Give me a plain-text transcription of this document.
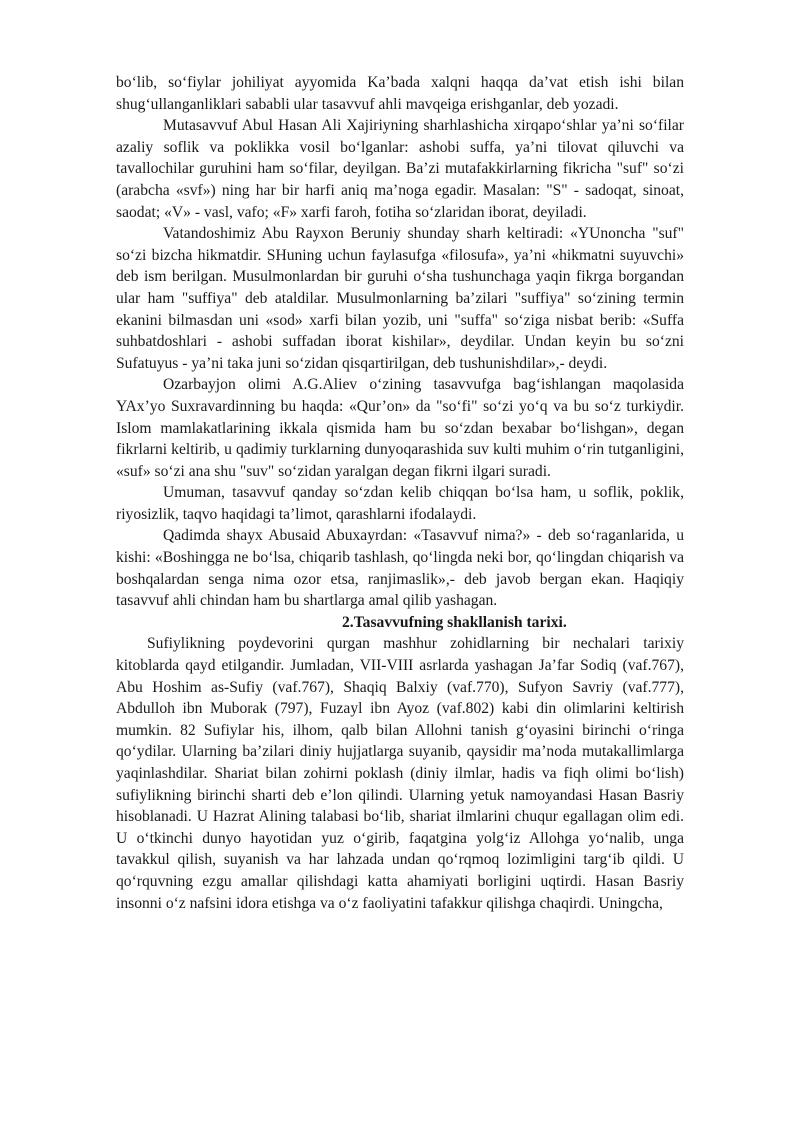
bo‘lib, so‘fiylar johiliyat ayyomida Ka’bada xalqni haqqa da’vat etish ishi bilan shug‘ullanganliklari sababli ular tasavvuf ahli mavqeiga erishganlar, deb yozadi.

Mutasavvuf Abul Hasan Ali Xajiriyning sharhlashicha xirqapo‘shlar ya’ni so‘filar azaliy soflik va poklikka vosil bo‘lganlar: ashobi suffa, ya’ni tilovat qiluvchi va tavallochilar guruhini ham so‘filar, deyilgan. Ba’zi mutafakkirlarning fikricha "suf" so‘zi (arabcha «svf») ning har bir harfi aniq ma’noga egadir. Masalan: "S" - sadoqat, sinoat, saodat; «V» - vasl, vafo; «F» xarfi faroh, fotiha so‘zlaridan iborat, deyiladi.

Vatandoshimiz Abu Rayxon Beruniy shunday sharh keltiradi: «YUnoncha "suf" so‘zi bizcha hikmatdir. SHuning uchun faylasufga «filosufa», ya’ni «hikmatni suyuvchi» deb ism berilgan. Musulmonlardan bir guruhi o‘sha tushunchaga yaqin fikrga borgandan ular ham "suffiya" deb ataldilar. Musulmonlarning ba’zilari "suffiya" so‘zining termin ekanini bilmasdan uni «sod» xarfi bilan yozib, uni "suffa" so‘ziga nisbat berib: «Suffa suhbatdoshlari - ashobi suffadan iborat kishilar», deydilar. Undan keyin bu so‘zni Sufatuyus - ya’ni taka juni so‘zidan qisqartirilgan, deb tushunishdilar»,- deydi.

Ozarbayjon olimi A.G.Aliev o‘zining tasavvufga bag‘ishlangan maqolasida YAx’yo Suxravardinning bu haqda: «Qur’on» da "so‘fi" so‘zi yo‘q va bu so‘z turkiydir. Islom mamlakatlarining ikkala qismida ham bu so‘zdan bexabar bo‘lishgan», degan fikrlarni keltirib, u qadimiy turklarning dunyoqarashida suv kulti muhim o‘rin tutganligini, «suf» so‘zi ana shu "suv" so‘zidan yaralgan degan fikrni ilgari suradi.

Umuman, tasavvuf qanday so‘zdan kelib chiqqan bo‘lsa ham, u soflik, poklik, riyosizlik, taqvo haqidagi ta’limot, qarashlarni ifodalaydi.

Qadimda shayx Abusaid Abuxayrdan: «Tasavvuf nima?» - deb so‘raganlarida, u kishi: «Boshingga ne bo‘lsa, chiqarib tashlash, qo‘lingda neki bor, qo‘lingdan chiqarish va boshqalardan senga nima ozor etsa, ranjimaslik»,- deb javob bergan ekan. Haqiqiy tasavvuf ahli chindan ham bu shartlarga amal qilib yashagan.

2.Tasavvufning shakllanish tarixi.

Sufiylikning poydevorini qurgan mashhur zohidlarning bir nechalari tarixiy kitoblarda qayd etilgandir. Jumladan, VII-VIII asrlarda yashagan Ja’far Sodiq (vaf.767), Abu Hoshim as-Sufiy (vaf.767), Shaqiq Balxiy (vaf.770), Sufyon Savriy (vaf.777), Abdulloh ibn Muborak (797), Fuzayl ibn Ayoz (vaf.802) kabi din olimlarini keltirish mumkin. 82 Sufiylar his, ilhom, qalb bilan Allohni tanish g‘oyasini birinchi o‘ringa qo‘ydilar. Ularning ba’zilari diniy hujjatlarga suyanib, qaysidir ma’noda mutakallimlarga yaqinlashdilar. Shariat bilan zohirni poklash (diniy ilmlar, hadis va fiqh olimi bo‘lish) sufiylikning birinchi sharti deb e’lon qilindi. Ularning yetuk namoyandasi Hasan Basriy hisoblanadi. U Hazrat Alining talabasi bo‘lib, shariat ilmlarini chuqur egallagan olim edi. U o‘tkinchi dunyo hayotidan yuz o‘girib, faqatgina yolg‘iz Allohga yo‘nalib, unga tavakkul qilish, suyanish va har lahzada undan qo‘rqmoq lozimligini targ‘ib qildi. U qo‘rquvning ezgu amallar qilishdagi katta ahamiyati borligini uqtirdi. Hasan Basriy insonni o‘z nafsini idora etishga va o‘z faoliyatini tafakkur qilishga chaqirdi. Uningcha,
